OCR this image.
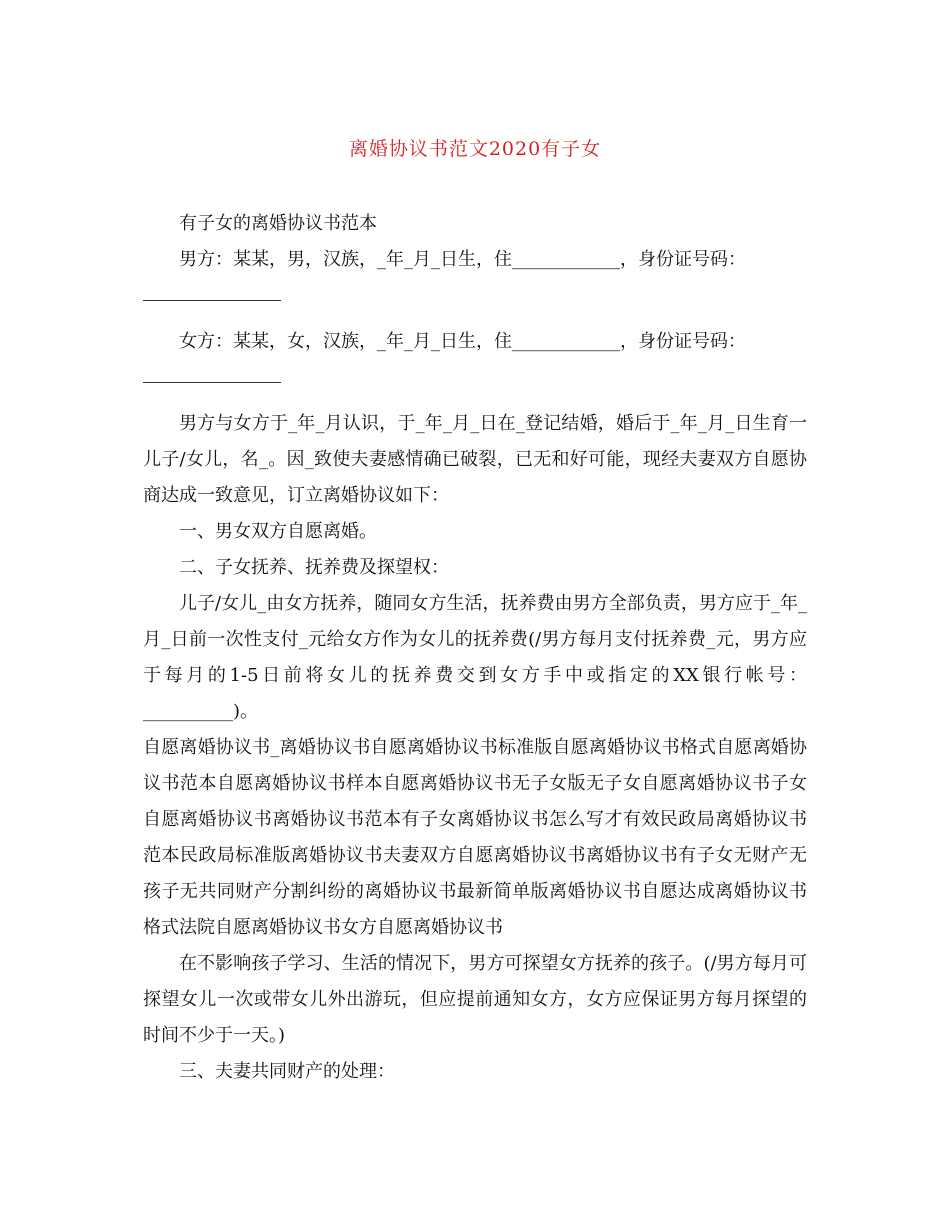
离婚协议书范文2020有子女

有子女的离婚协议书范本

男方：某某，男，汉族，_年_月_日生，住____________，身份证号码：

女方：某某，女，汉族，_年_月_日生，住____________，身份证号码：

男方与女方于_年_月认识，于_年_月_日在_登记结婚，婚后于_年_月_日生育一儿子/女儿，名_。因_致使夫妻感情确已破裂，已无和好可能，现经夫妻双方自愿协商达成一致意见，订立离婚协议如下：

一、男女双方自愿离婚。

二、子女抚养、抚养费及探望权：

儿子/女儿_由女方抚养，随同女方生活，抚养费由男方全部负责，男方应于_年_月_日前一次性支付_元给女方作为女儿的抚养费(/男方每月支付抚养费_元，男方应于每月的1-5日前将女儿的抚养费交到女方手中或指定的XX银行帐号：__________)。

自愿离婚协议书_离婚协议书自愿离婚协议书标准版自愿离婚协议书格式自愿离婚协议书范本自愿离婚协议书样本自愿离婚协议书无子女版无子女自愿离婚协议书子女自愿离婚协议书离婚协议书范本有子女离婚协议书怎么写才有效民政局离婚协议书范本民政局标准版离婚协议书夫妻双方自愿离婚协议书离婚协议书有子女无财产无孩子无共同财产分割纠纷的离婚协议书最新简单版离婚协议书自愿达成离婚协议书格式法院自愿离婚协议书女方自愿离婚协议书

在不影响孩子学习、生活的情况下，男方可探望女方抚养的孩子。(/男方每月可探望女儿一次或带女儿外出游玩，但应提前通知女方，女方应保证男方每月探望的时间不少于一天。)

三、夫妻共同财产的处理：
